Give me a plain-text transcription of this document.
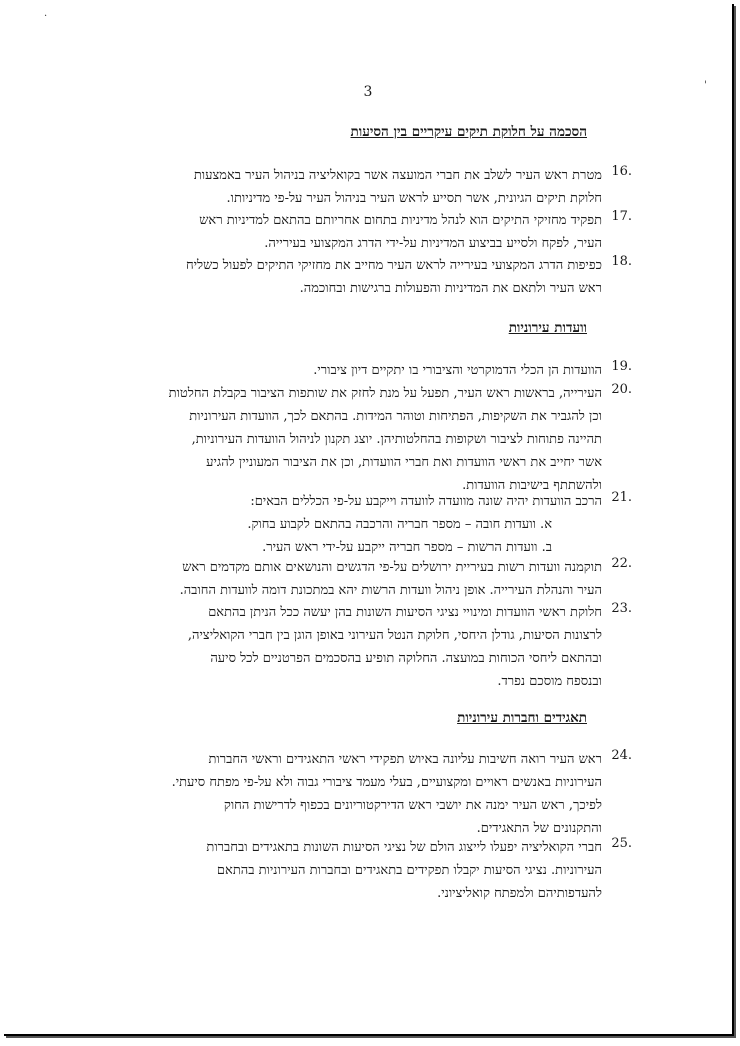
.
'
3
הסכמה על חלוקת תיקים עיקריים בין הסיעות
16.
מטרת ראש העיר לשלב את חברי המועצה אשר בקואליציה בניהול העיר באמצעות
חלוקת תיקים הגיונית, אשר תסייע לראש העיר בניהול העיר על-פי מדיניותו.
17.
תפקיד מחזיקי התיקים הוא לנהל מדיניות בתחום אחריותם בהתאם למדיניות ראש
העיר, לפקח ולסייע בביצוע המדיניות על-ידי הדרג המקצועי בעירייה.
18.
כפיפות הדרג המקצועי בעירייה לראש העיר מחייב את מחזיקי התיקים לפעול כשליח
ראש העיר ולתאם את המדיניות והפעולות ברגישות ובחוכמה.
וועדות עירוניות
19.
הוועדות הן הכלי הדמוקרטי והציבורי בו יתקיים דיון ציבורי.
20.
העירייה, בראשות ראש העיר, תפעל על מנת לחזק את שותפות הציבור בקבלת החלטות
וכן להגביר את השקיפות, הפתיחות וטוהר המידות. בהתאם לכך, הוועדות העירוניות
תהיינה פתוחות לציבור ושקופות בהחלטותיהן. יוצג תקנון לניהול הוועדות העירוניות,
אשר יחייב את ראשי הוועדות ואת חברי הוועדות, וכן את הציבור המעוניין להגיע
ולהשתתף בישיבות הוועדות.
21.
הרכב הוועדות יהיה שונה מוועדה לוועדה וייקבע על-פי הכללים הבאים:
א. וועדות חובה – מספר חבריה והרכבה בהתאם לקבוע בחוק.
ב. וועדות הרשות – מספר חבריה ייקבע על-ידי ראש העיר.
22.
תוקמנה וועדות רשות בעיריית ירושלים על-פי הדגשים והנושאים אותם מקדמים ראש
העיר והנהלת העירייה. אופן ניהול וועדות הרשות יהא במתכונת דומה לוועדות החובה.
23.
חלוקת ראשי הוועדות ומינויי נציגי הסיעות השונות בהן יעשה ככל הניתן בהתאם
לרצונות הסיעות, גודלן היחסי, חלוקת הנטל העירוני באופן הוגן בין חברי הקואליציה,
ובהתאם ליחסי הכוחות במועצה. החלוקה תופיע בהסכמים הפרטניים לכל סיעה
ובנספח מוסכם נפרד.
תאגידים וחברות עירוניות
24.
ראש העיר רואה חשיבות עליונה באיוש תפקידי ראשי התאגידים וראשי החברות
העירוניות באנשים ראויים ומקצועיים, בעלי מעמד ציבורי גבוה ולא על-פי מפתח סיעתי.
לפיכך, ראש העיר ימנה את יושבי ראש הדירקטוריונים בכפוף לדרישות החוק
והתקנונים של התאגידים.
25.
חברי הקואליציה יפעלו לייצוג הולם של נציגי הסיעות השונות בתאגידים ובחברות
העירוניות. נציגי הסיעות יקבלו תפקידים בתאגידים ובחברות העירוניות בהתאם
להעדפותיהם ולמפתח קואליציוני.
